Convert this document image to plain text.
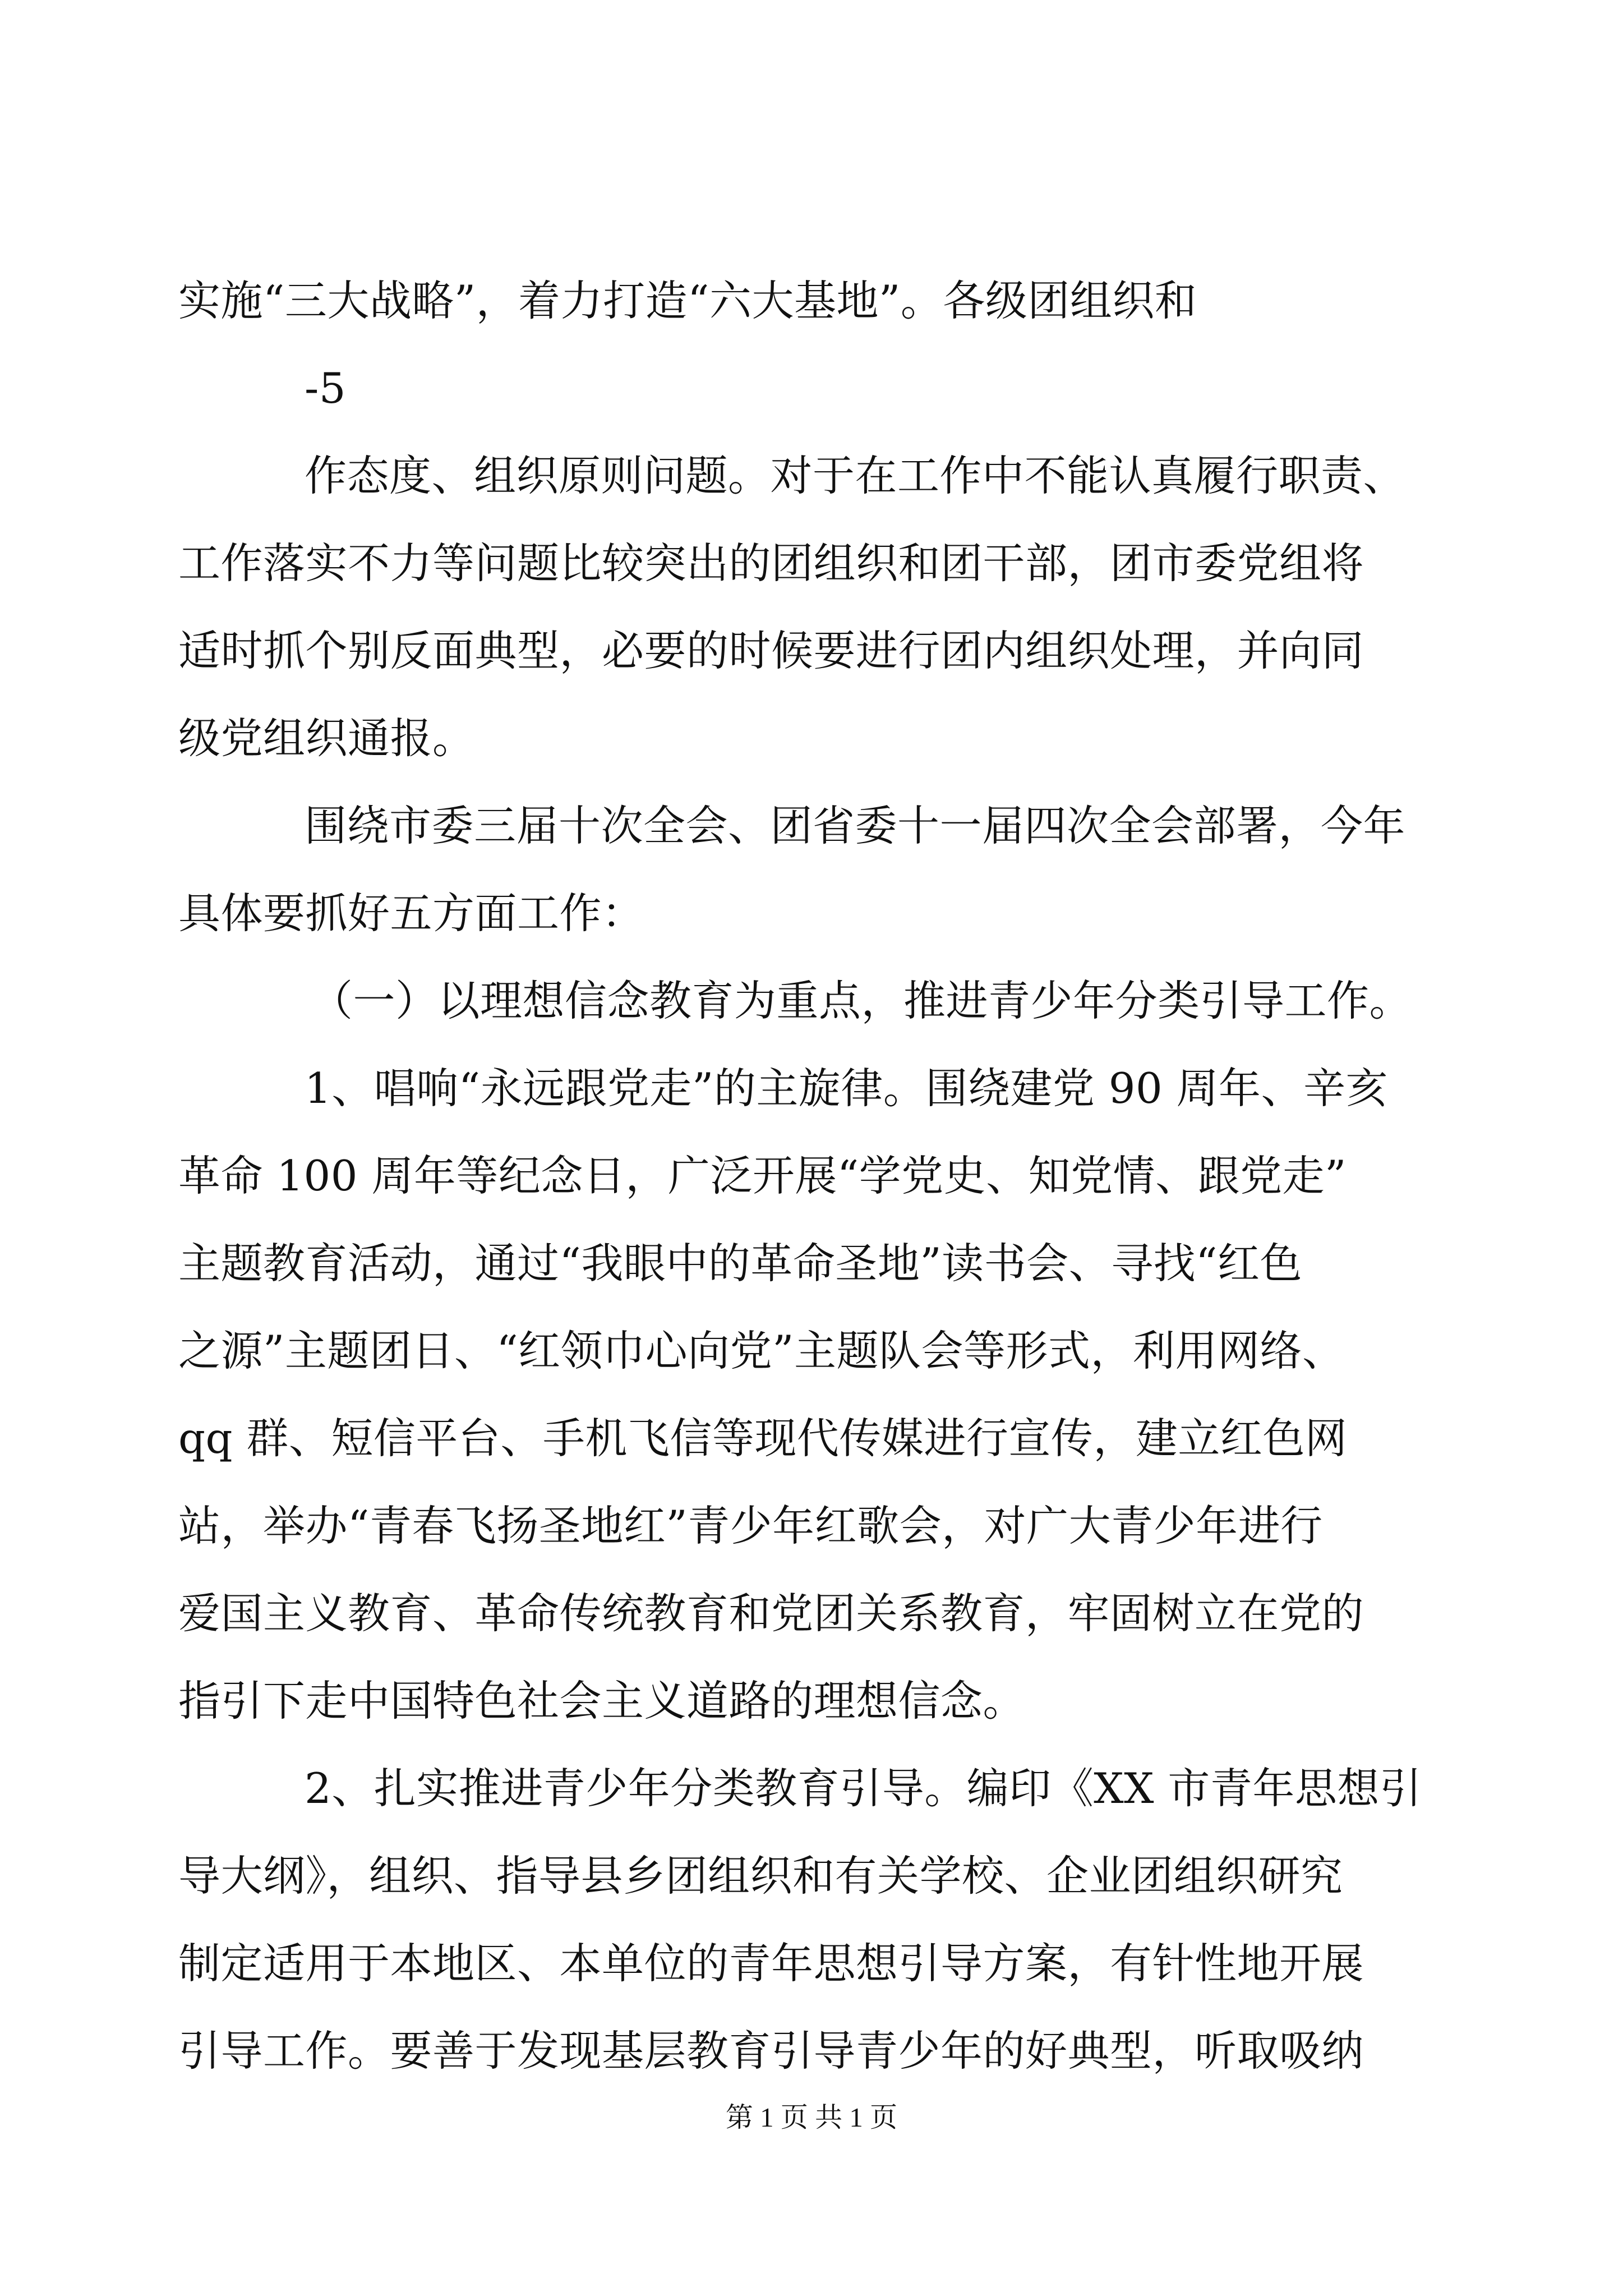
实施“三大战略”，着力打造“六大基地”。各级团组织和
-5
作态度、组织原则问题。对于在工作中不能认真履行职责、
工作落实不力等问题比较突出的团组织和团干部，团市委党组将
适时抓个别反面典型，必要的时候要进行团内组织处理，并向同
级党组织通报。
围绕市委三届十次全会、团省委十一届四次全会部署，今年
具体要抓好五方面工作：
（一）以理想信念教育为重点，推进青少年分类引导工作。
1、唱响“永远跟党走”的主旋律。围绕建党 90 周年、辛亥
革命 100 周年等纪念日，广泛开展“学党史、知党情、跟党走”
主题教育活动，通过“我眼中的革命圣地”读书会、寻找“红色
之源”主题团日、“红领巾心向党”主题队会等形式，利用网络、
qq 群、短信平台、手机飞信等现代传媒进行宣传，建立红色网
站，举办“青春飞扬圣地红”青少年红歌会，对广大青少年进行
爱国主义教育、革命传统教育和党团关系教育，牢固树立在党的
指引下走中国特色社会主义道路的理想信念。
2、扎实推进青少年分类教育引导。编印《XX 市青年思想引
导大纲》，组织、指导县乡团组织和有关学校、企业团组织研究
制定适用于本地区、本单位的青年思想引导方案，有针性地开展
引导工作。要善于发现基层教育引导青少年的好典型，听取吸纳
第 1 页 共 1 页
